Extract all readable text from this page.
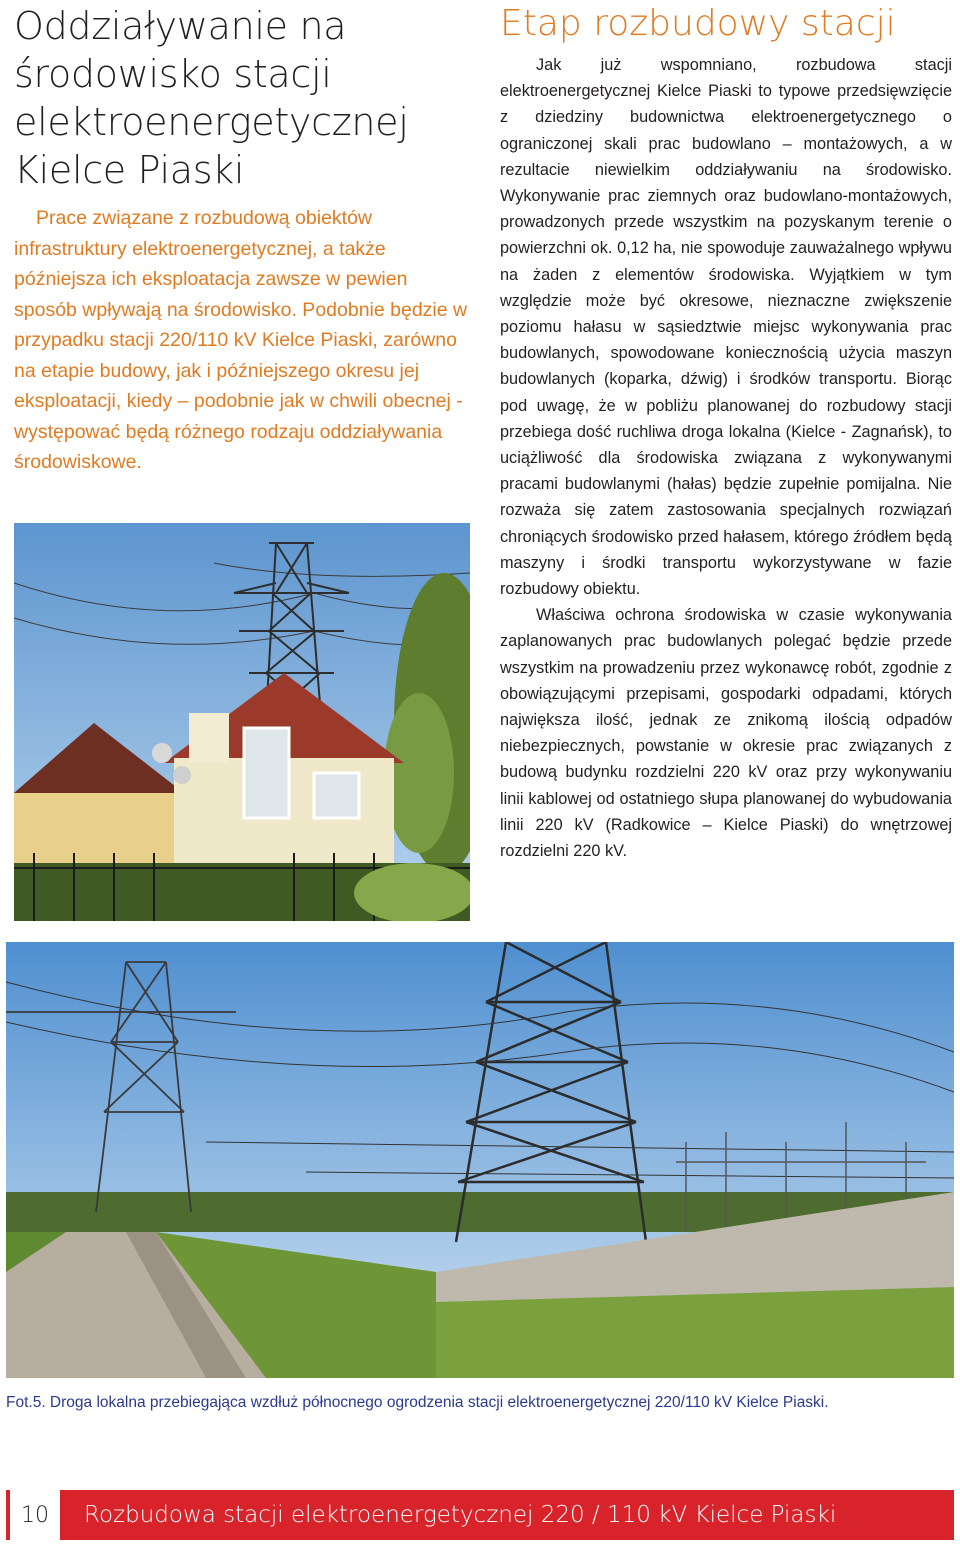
Oddziaływanie na środowisko stacji elektroenergetycznej Kielce Piaski

Prace związane z rozbudową obiektów infrastruktury elektroenergetycznej, a także późniejsza ich eksploatacja zawsze w pewien sposób wpływają na środowisko. Podobnie będzie w przypadku stacji 220/110 kV Kielce Piaski, zarówno na etapie budowy, jak i późniejszego okresu jej eksploatacji, kiedy – podobnie jak w chwili obecnej - występować będą różnego rodzaju oddziaływania środowiskowe.

Etap rozbudowy stacji

Jak już wspomniano, rozbudowa stacji elektroenergetycznej Kielce Piaski to typowe przedsięwzięcie z dziedziny budownictwa elektroenergetycznego o ograniczonej skali prac budowlano – montażowych, a w rezultacie niewielkim oddziaływaniu na środowisko. Wykonywanie prac ziemnych oraz budowlano-montażowych, prowadzonych przede wszystkim na pozyskanym terenie o powierzchni ok. 0,12 ha, nie spowoduje zauważalnego wpływu na żaden z elementów środowiska. Wyjątkiem w tym względzie może być okresowe, nieznaczne zwiększenie poziomu hałasu w sąsiedztwie miejsc wykonywania prac budowlanych, spowodowane koniecznością użycia maszyn budowlanych (koparka, dźwig) i środków transportu. Biorąc pod uwagę, że w pobliżu planowanej do rozbudowy stacji przebiega dość ruchliwa droga lokalna (Kielce - Zagnańsk), to uciążliwość dla środowiska związana z wykonywanymi pracami budowlanymi (hałas) będzie zupełnie pomijalna. Nie rozważa się zatem zastosowania specjalnych rozwiązań chroniących środowisko przed hałasem, którego źródłem będą maszyny i środki transportu wykorzystywane w fazie rozbudowy obiektu.

Właściwa ochrona środowiska w czasie wykonywania zaplanowanych prac budowlanych polegać będzie przede wszystkim na prowadzeniu przez wykonawcę robót, zgodnie z obowiązującymi przepisami, gospodarki odpadami, których największa ilość, jednak ze znikomą ilością odpadów niebezpiecznych, powstanie w okresie prac związanych z budową budynku rozdzielni 220 kV oraz przy wykonywaniu linii kablowej od ostatniego słupa planowanej do wybudowania linii 220 kV (Radkowice – Kielce Piaski) do wnętrzowej rozdzielni 220 kV.

Fot.5. Droga lokalna przebiegająca wzdłuż północnego ogrodzenia stacji elektroenergetycznej 220/110 kV Kielce Piaski.

10	Rozbudowa stacji elektroenergetycznej 220 / 110 kV Kielce Piaski
